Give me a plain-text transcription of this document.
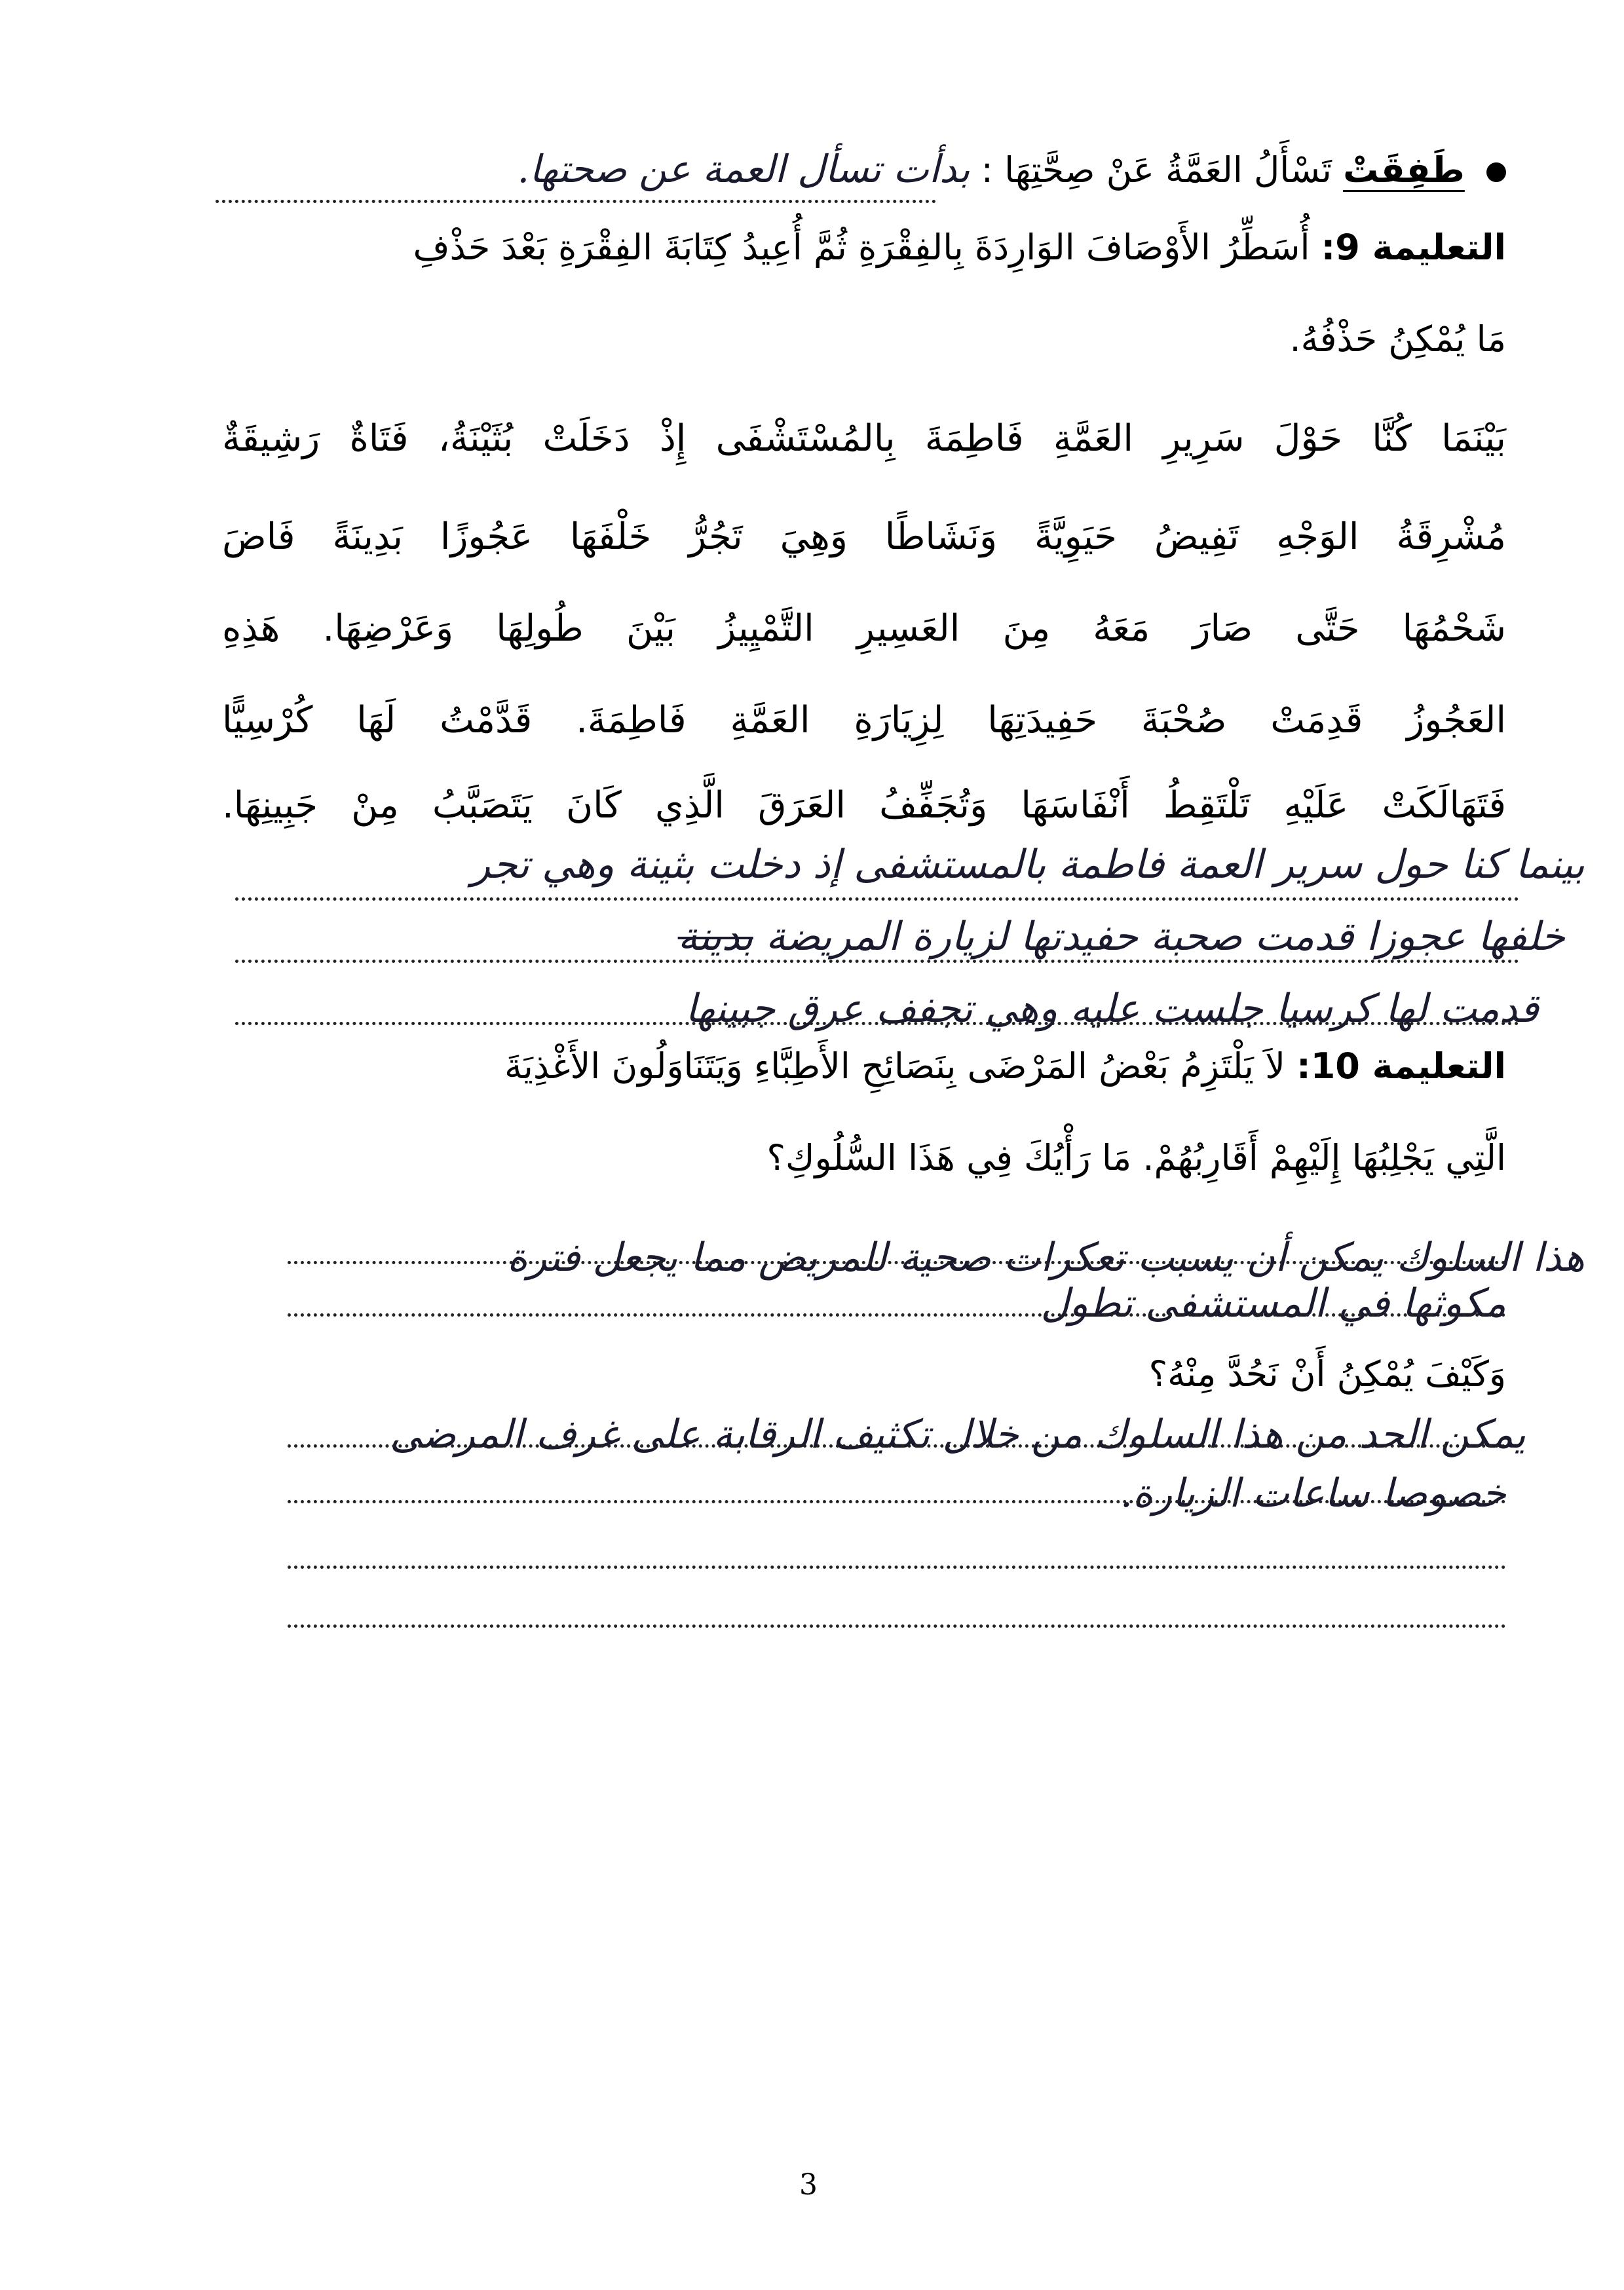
طَفِقَتْ تَسْأَلُ العَمَّةُ عَنْ صِحَّتِهَا : بدأت تسأل العمة عن صحتها.
التعليمة 9: أُسَطِّرُ الأَوْصَافَ الوَارِدَةَ بِالفِقْرَةِ ثُمَّ أُعِيدُ كِتَابَةَ الفِقْرَةِ بَعْدَ حَذْفِ
مَا يُمْكِنُ حَذْفُهُ.
بَيْنَمَا كُنَّا حَوْلَ سَرِيرِ العَمَّةِ فَاطِمَةَ بِالمُسْتَشْفَى إِذْ دَخَلَتْ بُثَيْنَةُ، فَتَاةٌ رَشِيقَةٌ
مُشْرِقَةُ الوَجْهِ تَفِيضُ حَيَوِيَّةً وَنَشَاطًا وَهِيَ تَجُرُّ خَلْفَهَا عَجُوزًا بَدِينَةً فَاضَ
شَحْمُهَا حَتَّى صَارَ مَعَهُ مِنَ العَسِيرِ التَّمْيِيزُ بَيْنَ طُولِهَا وَعَرْضِهَا. هَذِهِ
العَجُوزُ قَدِمَتْ صُحْبَةَ حَفِيدَتِهَا لِزِيَارَةِ العَمَّةِ فَاطِمَةَ. قَدَّمْتُ لَهَا كُرْسِيًّا
فَتَهَالَكَتْ عَلَيْهِ تَلْتَقِطُ أَنْفَاسَهَا وَتُجَفِّفُ العَرَقَ الَّذِي كَانَ يَتَصَبَّبُ مِنْ جَبِينِهَا.
بينما كنا حول سرير العمة فاطمة بالمستشفى إذ دخلت بثينة وهي تجر
خلفها عجوزا قدمت صحبة حفيدتها لزيارة المريضة بدينة
قدمت لها كرسيا جلست عليه وهي تجفف عرق جبينها
التعليمة 10: لاَ يَلْتَزِمُ بَعْضُ المَرْضَى بِنَصَائِحِ الأَطِبَّاءِ وَيَتَنَاوَلُونَ الأَغْذِيَةَ
الَّتِي يَجْلِبُهَا إِلَيْهِمْ أَقَارِبُهُمْ. مَا رَأْيُكَ فِي هَذَا السُّلُوكِ؟
هذا السلوك يمكن أن يسبب تعكرات صحية للمريض مما يجعل فترة
مكوثها في المستشفى تطول
وَكَيْفَ يُمْكِنُ أَنْ نَحُدَّ مِنْهُ؟
يمكن الحد من هذا السلوك من خلال تكثيف الرقابة على غرف المرضى
خصوصا ساعات الزيارة.
3
